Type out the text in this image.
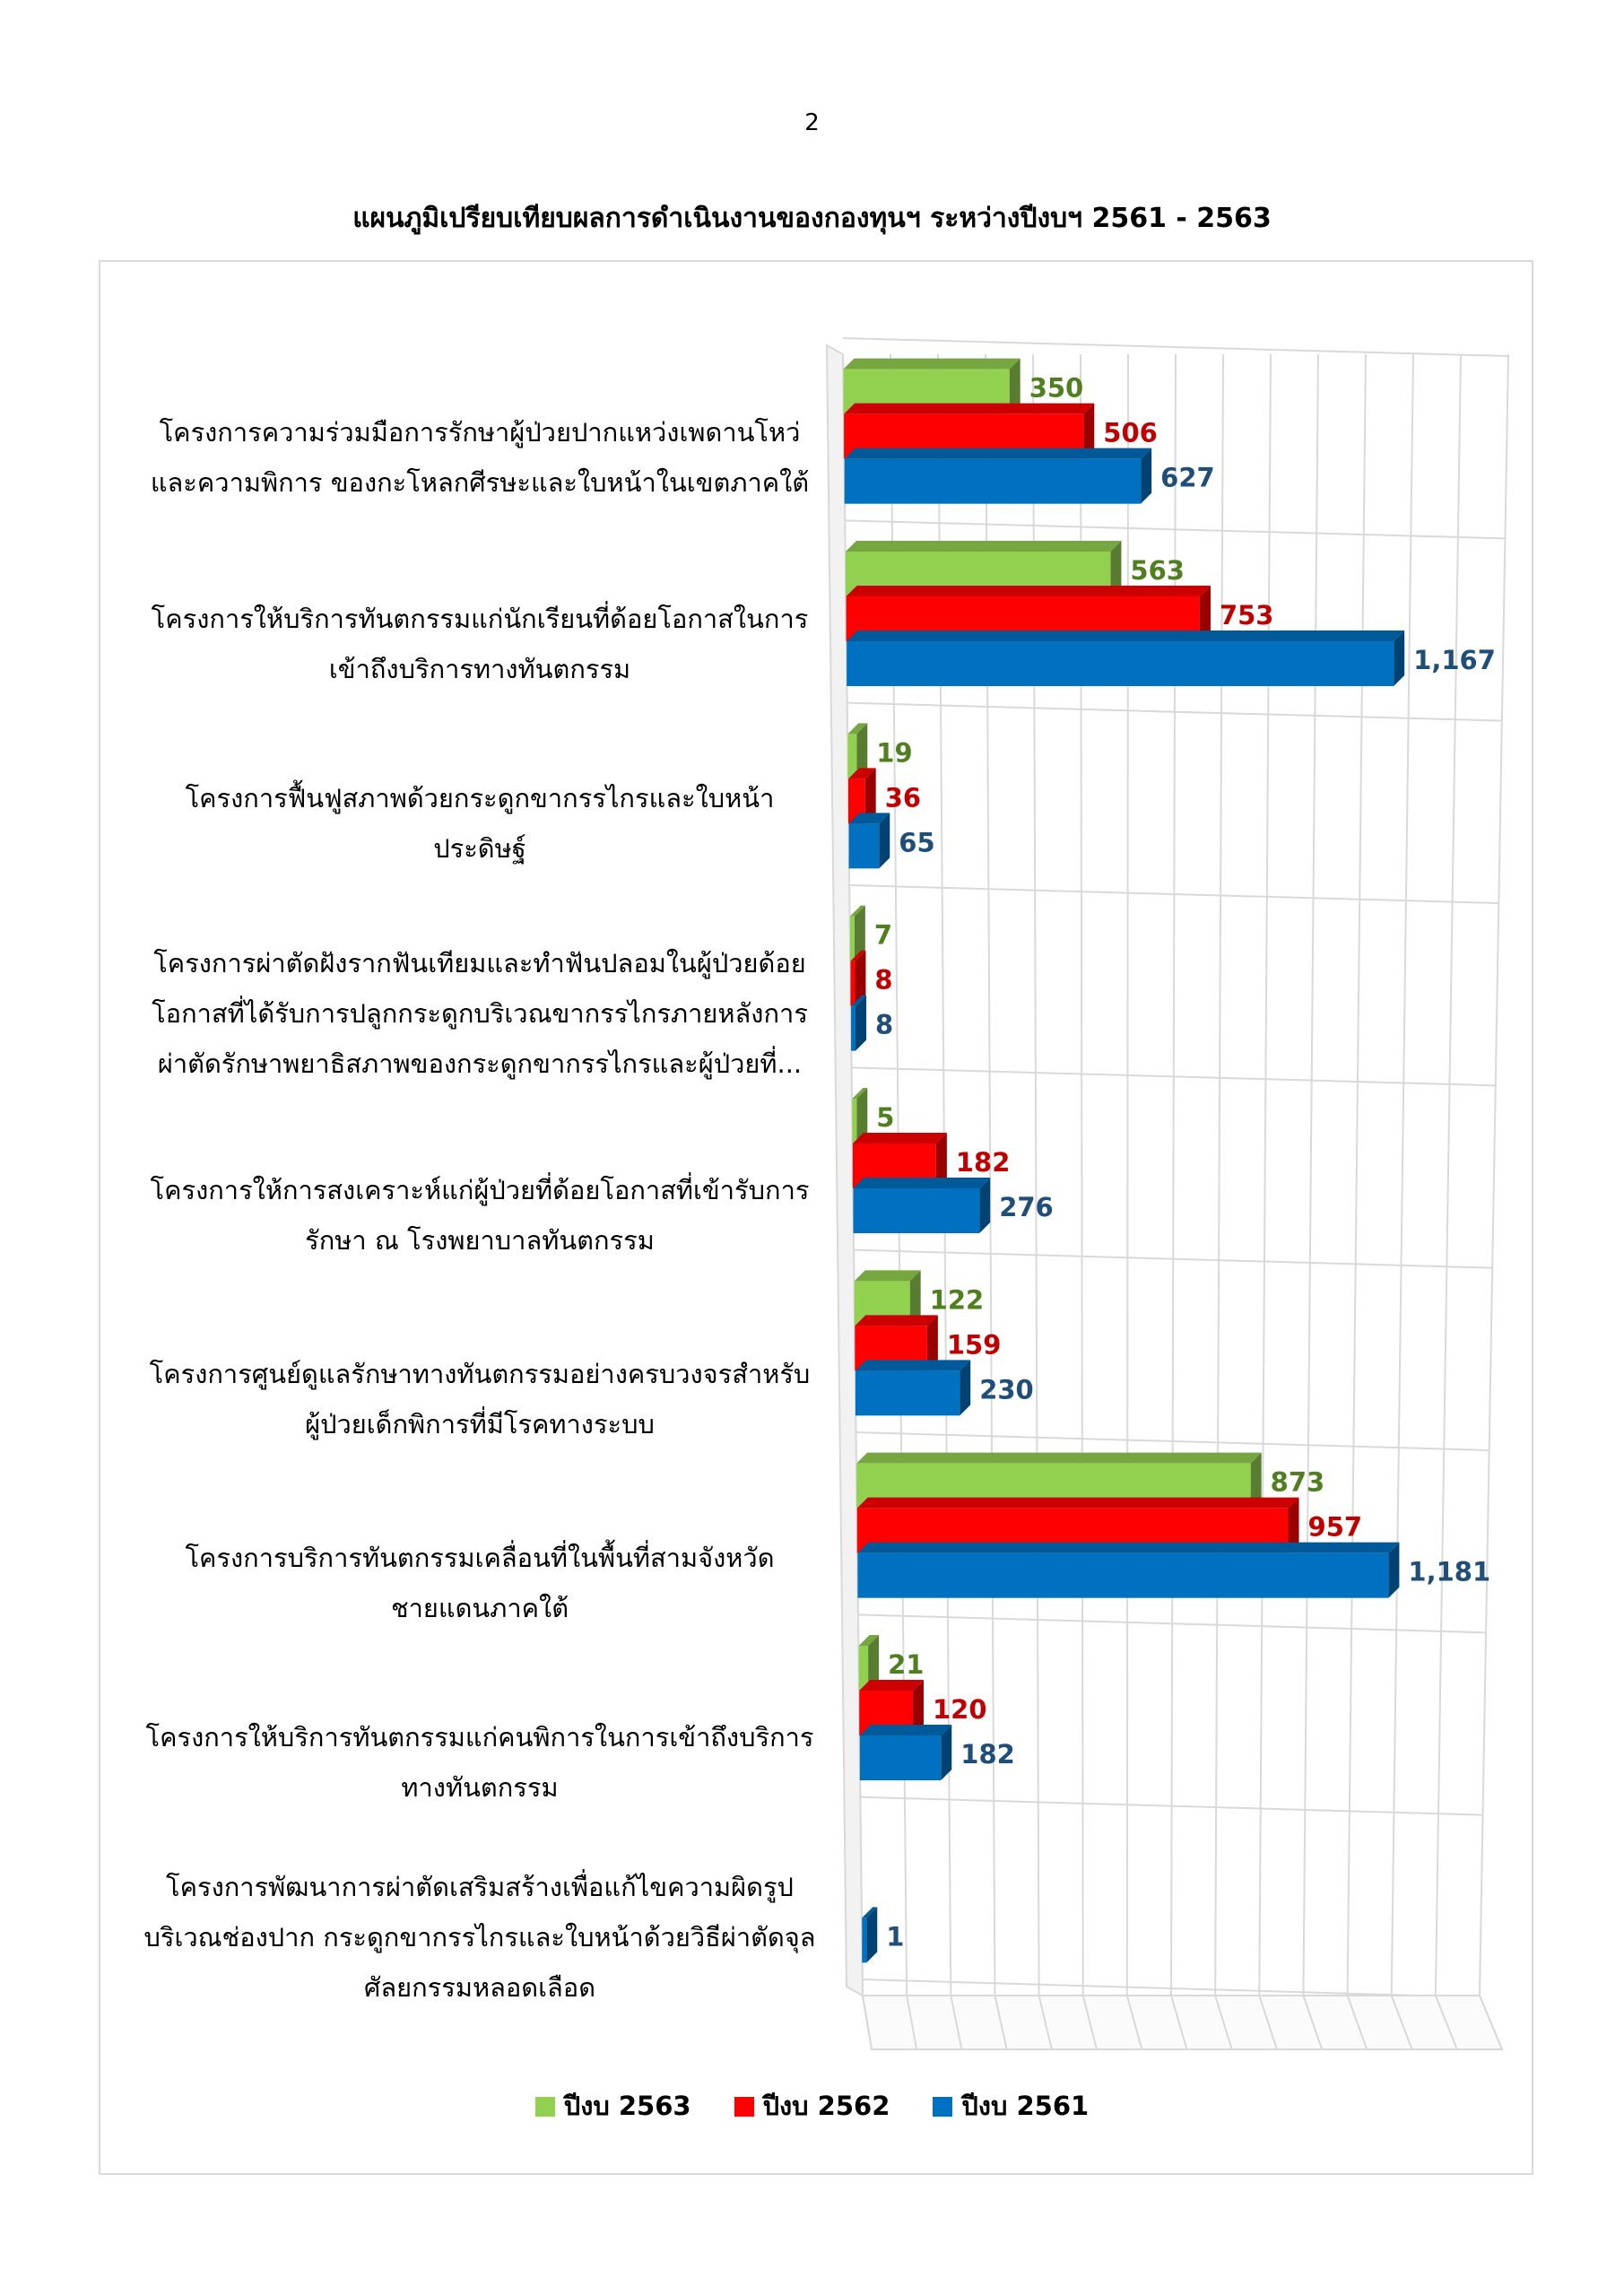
2
แผนภูมิเปรียบเทียบผลการดำเนินงานของกองทุนฯ ระหว่างปีงบฯ 2561 - 2563
350
506
627
563
753
1,167
19
36
65
7
8
8
5
182
276
122
159
230
873
957
1,181
21
120
182
1
โครงการความร่วมมือการรักษาผู้ป่วยปากแหว่งเพดานโหว่
และความพิการ ของกะโหลกศีรษะและใบหน้าในเขตภาคใต้
โครงการให้บริการทันตกรรมแก่นักเรียนที่ด้อยโอกาสในการ
เข้าถึงบริการทางทันตกรรม
โครงการฟื้นฟูสภาพด้วยกระดูกขากรรไกรและใบหน้า
ประดิษฐ์
โครงการผ่าตัดฝังรากฟันเทียมและทำฟันปลอมในผู้ป่วยด้อย
โอกาสที่ได้รับการปลูกกระดูกบริเวณขากรรไกรภายหลังการ
ผ่าตัดรักษาพยาธิสภาพของกระดูกขากรรไกรและผู้ป่วยที่...
โครงการให้การสงเคราะห์แก่ผู้ป่วยที่ด้อยโอกาสที่เข้ารับการ
รักษา ณ โรงพยาบาลทันตกรรม
โครงการศูนย์ดูแลรักษาทางทันตกรรมอย่างครบวงจรสำหรับ
ผู้ป่วยเด็กพิการที่มีโรคทางระบบ
โครงการบริการทันตกรรมเคลื่อนที่ในพื้นที่สามจังหวัด
ชายแดนภาคใต้
โครงการให้บริการทันตกรรมแก่คนพิการในการเข้าถึงบริการ
ทางทันตกรรม
โครงการพัฒนาการผ่าตัดเสริมสร้างเพื่อแก้ไขความผิดรูป
บริเวณช่องปาก กระดูกขากรรไกรและใบหน้าด้วยวิธีผ่าตัดจุล
ศัลยกรรมหลอดเลือด
ปีงบ 2563	ปีงบ 2562	ปีงบ 2561
